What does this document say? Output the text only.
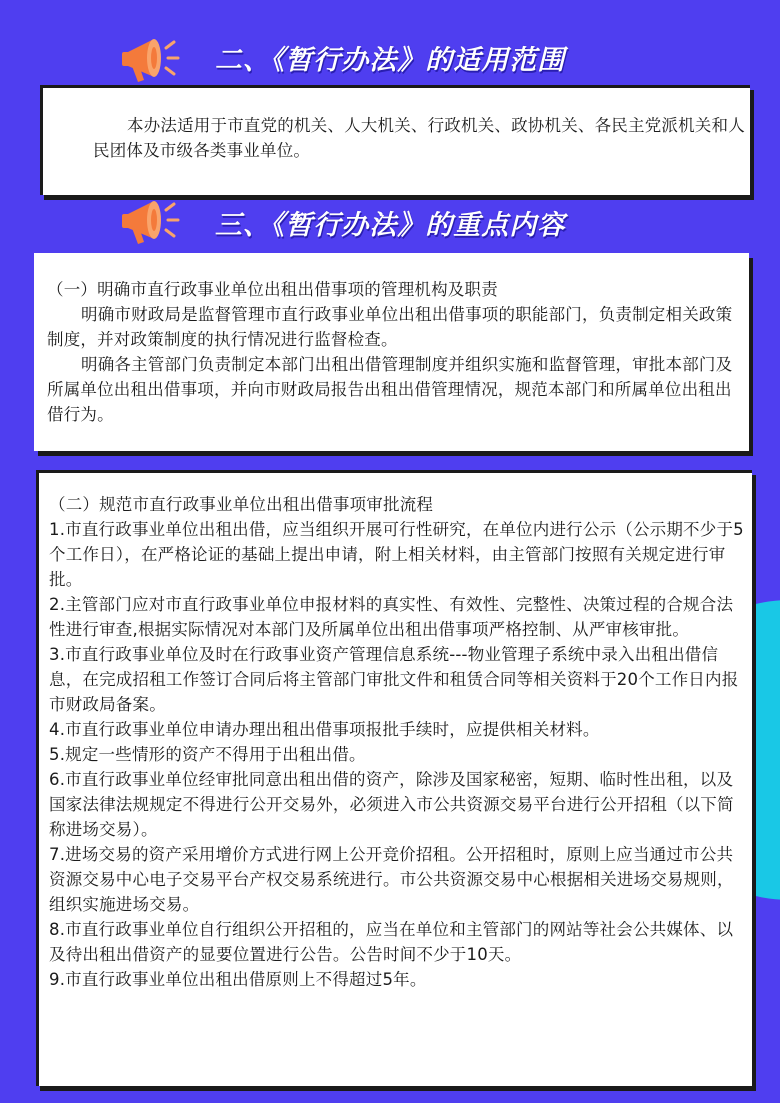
二、《暂行办法》的适用范围
本办法适用于市直党的机关、人大机关、行政机关、政协机关、各民主党派机关和人民团体及市级各类事业单位。
三、《暂行办法》的重点内容

（一）明确市直行政事业单位出租出借事项的管理机构及职责

明确市财政局是监督管理市直行政事业单位出租出借事项的职能部门，负责制定相关政策制度，并对政策制度的执行情况进行监督检查。

明确各主管部门负责制定本部门出租出借管理制度并组织实施和监督管理，审批本部门及所属单位出租出借事项，并向市财政局报告出租出借管理情况，规范本部门和所属单位出租出借行为。

（二）规范市直行政事业单位出租出借事项审批流程

1.市直行政事业单位出租出借，应当组织开展可行性研究，在单位内进行公示（公示期不少于5个工作日），在严格论证的基础上提出申请，附上相关材料，由主管部门按照有关规定进行审批。

2.主管部门应对市直行政事业单位申报材料的真实性、有效性、完整性、决策过程的合规合法性进行审查,根据实际情况对本部门及所属单位出租出借事项严格控制、从严审核审批。

3.市直行政事业单位及时在行政事业资产管理信息系统---物业管理子系统中录入出租出借信息，在完成招租工作签订合同后将主管部门审批文件和租赁合同等相关资料于20个工作日内报市财政局备案。

4.市直行政事业单位申请办理出租出借事项报批手续时，应提供相关材料。

5.规定一些情形的资产不得用于出租出借。

6.市直行政事业单位经审批同意出租出借的资产，除涉及国家秘密，短期、临时性出租，以及国家法律法规规定不得进行公开交易外，必须进入市公共资源交易平台进行公开招租（以下简称进场交易）。

7.进场交易的资产采用增价方式进行网上公开竞价招租。公开招租时，原则上应当通过市公共资源交易中心电子交易平台产权交易系统进行。市公共资源交易中心根据相关进场交易规则，组织实施进场交易。

8.市直行政事业单位自行组织公开招租的，应当在单位和主管部门的网站等社会公共媒体、以及待出租出借资产的显要位置进行公告。公告时间不少于10天。

9.市直行政事业单位出租出借原则上不得超过5年。
